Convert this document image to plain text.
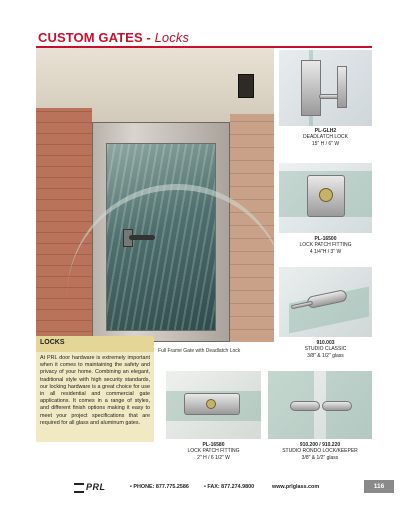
CUSTOM GATES - Locks
Full Frame Gate with Deadlatch Lock
LOCKS
At PRL door hardware is extremely important when it comes to maintaining the safety and privacy of your home. Combining an elegant, traditional style with high security standards, our locking hardware is a great choice for use in all residential and commercial gate applications. It comes in a range of styles, and different finish options making it easy to meet your project specifications that are required for all glass and aluminum gates.
PL-GLH2
DEADLATCH LOCK
15" H / 6" W
PL-16500
LOCK PATCH FITTING
4 1/4"H / 3" W
910.003
STUDIO CLASSIC
3/8" & 1/2" glass
PL-16580
LOCK PATCH FITTING
2" H / 6 1/2" W
910.200 / 910.220
STUDIO RONDO LOCK/KEEPER
3/8" & 1/2" glass
PRL	• PHONE: 877.775.2586	• FAX: 877.274.9800	www.prlglass.com	116
